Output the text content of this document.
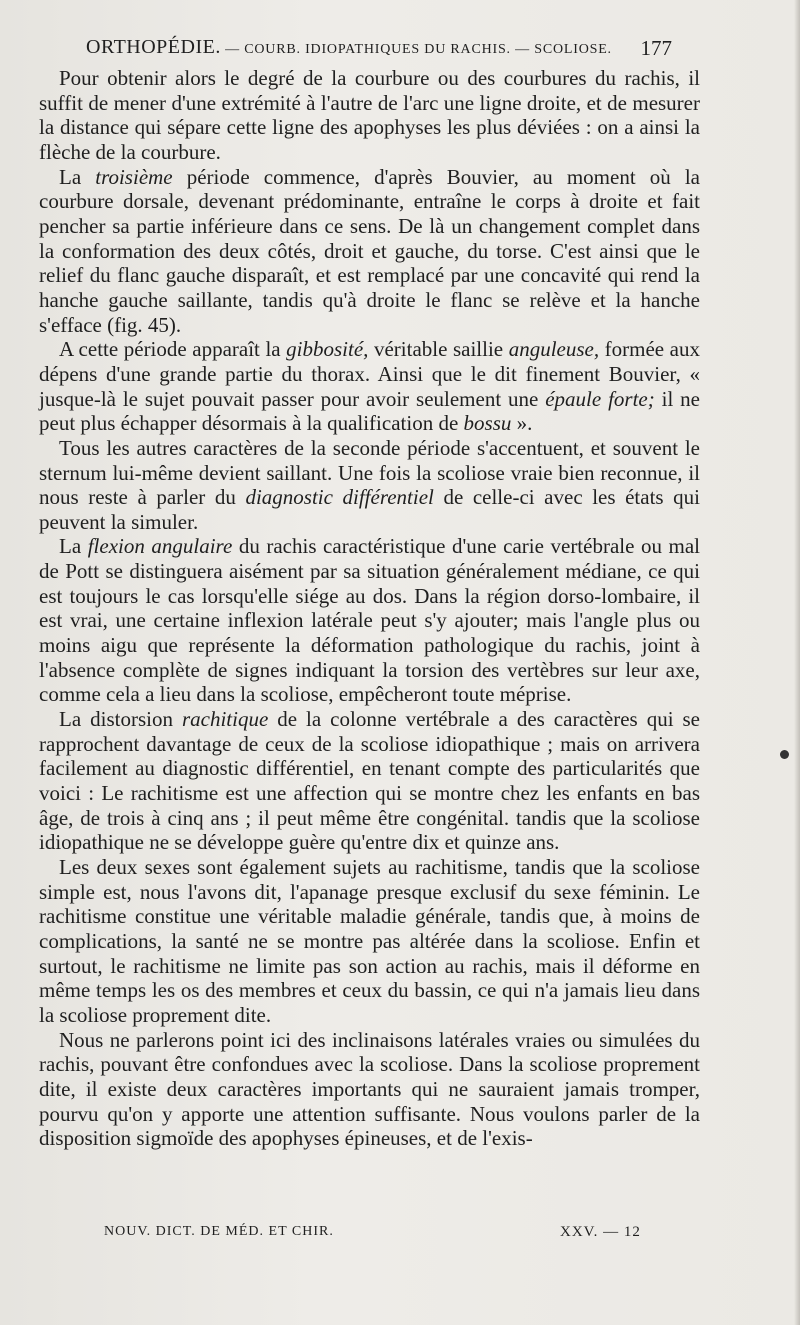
ORTHOPÉDIE. — COURB. IDIOPATHIQUES DU RACHIS. — SCOLIOSE. 177

Pour obtenir alors le degré de la courbure ou des courbures du rachis, il suffit de mener d'une extrémité à l'autre de l'arc une ligne droite, et de mesurer la distance qui sépare cette ligne des apophyses les plus déviées : on a ainsi la flèche de la courbure.

La troisième période commence, d'après Bouvier, au moment où la courbure dorsale, devenant prédominante, entraîne le corps à droite et fait pencher sa partie inférieure dans ce sens. De là un changement complet dans la conformation des deux côtés, droit et gauche, du torse. C'est ainsi que le relief du flanc gauche disparaît, et est remplacé par une concavité qui rend la hanche gauche saillante, tandis qu'à droite le flanc se relève et la hanche s'efface (fig. 45).

A cette période apparaît la gibbosité, véritable saillie anguleuse, formée aux dépens d'une grande partie du thorax. Ainsi que le dit finement Bouvier, « jusque-là le sujet pouvait passer pour avoir seulement une épaule forte; il ne peut plus échapper désormais à la qualification de bossu ».

Tous les autres caractères de la seconde période s'accentuent, et souvent le sternum lui-même devient saillant. Une fois la scoliose vraie bien reconnue, il nous reste à parler du diagnostic différentiel de celle-ci avec les états qui peuvent la simuler.

La flexion angulaire du rachis caractéristique d'une carie vertébrale ou mal de Pott se distinguera aisément par sa situation généralement médiane, ce qui est toujours le cas lorsqu'elle siége au dos. Dans la région dorso-lombaire, il est vrai, une certaine inflexion latérale peut s'y ajouter; mais l'angle plus ou moins aigu que représente la déformation pathologique du rachis, joint à l'absence complète de signes indiquant la torsion des vertèbres sur leur axe, comme cela a lieu dans la scoliose, empêcheront toute méprise.

La distorsion rachitique de la colonne vertébrale a des caractères qui se rapprochent davantage de ceux de la scoliose idiopathique ; mais on arrivera facilement au diagnostic différentiel, en tenant compte des particularités que voici : Le rachitisme est une affection qui se montre chez les enfants en bas âge, de trois à cinq ans ; il peut même être congénital. tandis que la scoliose idiopathique ne se développe guère qu'entre dix et quinze ans.

Les deux sexes sont également sujets au rachitisme, tandis que la scoliose simple est, nous l'avons dit, l'apanage presque exclusif du sexe féminin. Le rachitisme constitue une véritable maladie générale, tandis que, à moins de complications, la santé ne se montre pas altérée dans la scoliose. Enfin et surtout, le rachitisme ne limite pas son action au rachis, mais il déforme en même temps les os des membres et ceux du bassin, ce qui n'a jamais lieu dans la scoliose proprement dite.

Nous ne parlerons point ici des inclinaisons latérales vraies ou simulées du rachis, pouvant être confondues avec la scoliose. Dans la scoliose proprement dite, il existe deux caractères importants qui ne sauraient jamais tromper, pourvu qu'on y apporte une attention suffisante. Nous voulons parler de la disposition sigmoïde des apophyses épineuses, et de l'exis-

NOUV. DICT. DE MÉD. ET CHIR.	XXV. — 12
